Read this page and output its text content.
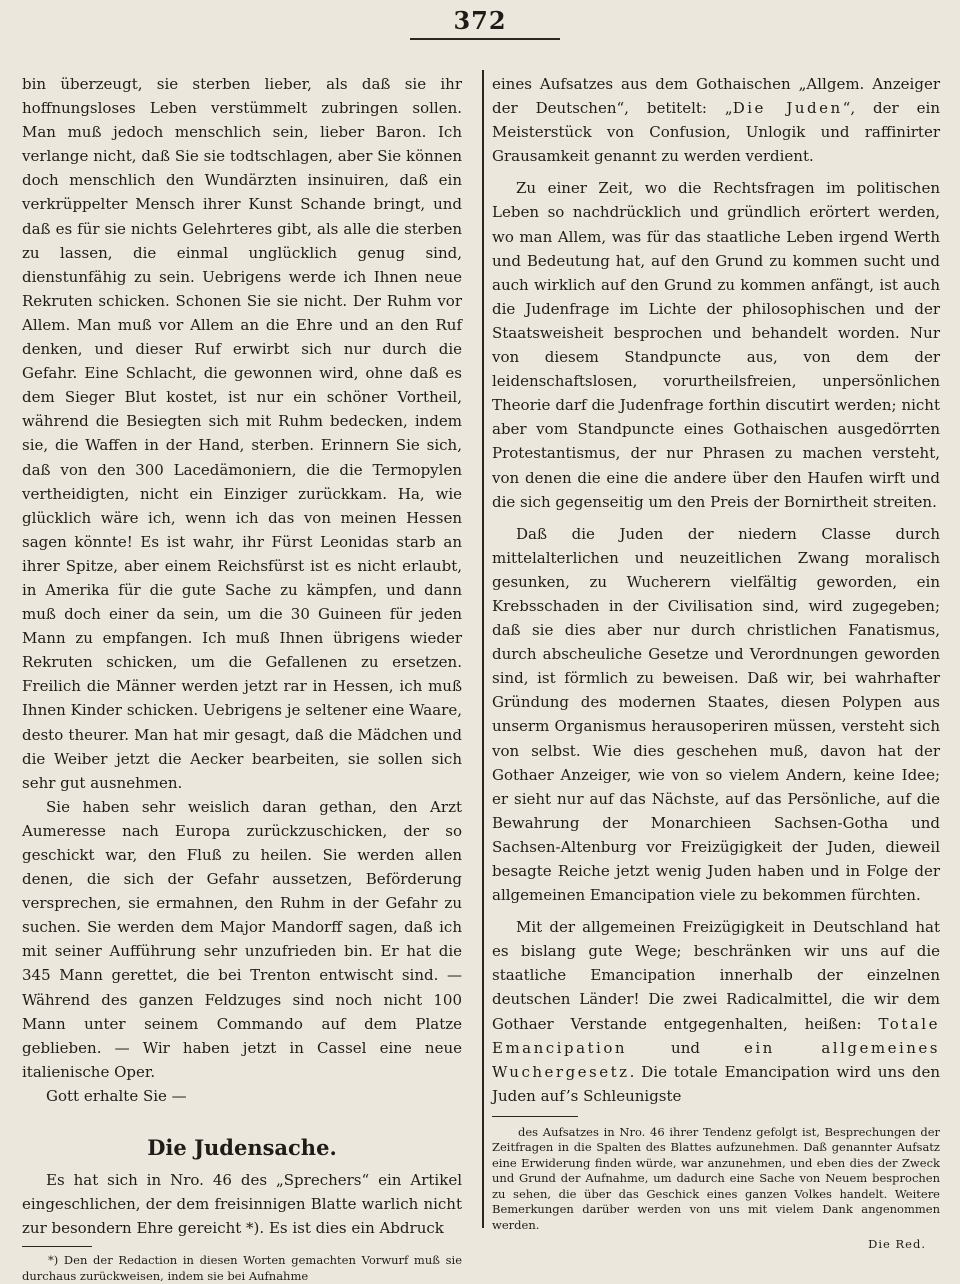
372

bin überzeugt, sie sterben lieber, als daß sie ihr hoffnungsloses Leben verstümmelt zubringen sollen. Man muß jedoch menschlich sein, lieber Baron. Ich verlange nicht, daß Sie sie todtschlagen, aber Sie können doch menschlich den Wundärzten insinuiren, daß ein verkrüppelter Mensch ihrer Kunst Schande bringt, und daß es für sie nichts Gelehrteres gibt, als alle die sterben zu lassen, die einmal unglücklich genug sind, dienstunfähig zu sein. Uebrigens werde ich Ihnen neue Rekruten schicken. Schonen Sie sie nicht. Der Ruhm vor Allem. Man muß vor Allem an die Ehre und an den Ruf denken, und dieser Ruf erwirbt sich nur durch die Gefahr. Eine Schlacht, die gewonnen wird, ohne daß es dem Sieger Blut kostet, ist nur ein schöner Vortheil, während die Besiegten sich mit Ruhm bedecken, indem sie, die Waffen in der Hand, sterben. Erinnern Sie sich, daß von den 300 Lacedämoniern, die die Termopylen vertheidigten, nicht ein Einziger zurückkam. Ha, wie glücklich wäre ich, wenn ich das von meinen Hessen sagen könnte! Es ist wahr, ihr Fürst Leonidas starb an ihrer Spitze, aber einem Reichsfürst ist es nicht erlaubt, in Amerika für die gute Sache zu kämpfen, und dann muß doch einer da sein, um die 30 Guineen für jeden Mann zu empfangen. Ich muß Ihnen übrigens wieder Rekruten schicken, um die Gefallenen zu ersetzen. Freilich die Männer werden jetzt rar in Hessen, ich muß Ihnen Kinder schicken. Uebrigens je seltener eine Waare, desto theurer. Man hat mir gesagt, daß die Mädchen und die Weiber jetzt die Aecker bearbeiten, sie sollen sich sehr gut ausnehmen.

Sie haben sehr weislich daran gethan, den Arzt Aumeresse nach Europa zurückzuschicken, der so geschickt war, den Fluß zu heilen. Sie werden allen denen, die sich der Gefahr aussetzen, Beförderung versprechen, sie ermahnen, den Ruhm in der Gefahr zu suchen. Sie werden dem Major Mandorff sagen, daß ich mit seiner Aufführung sehr unzufrieden bin. Er hat die 345 Mann gerettet, die bei Trenton entwischt sind. — Während des ganzen Feldzuges sind noch nicht 100 Mann unter seinem Commando auf dem Platze geblieben. — Wir haben jetzt in Cassel eine neue italienische Oper.

Gott erhalte Sie —

Die Judensache.

Es hat sich in Nro. 46 des „Sprechers“ ein Artikel eingeschlichen, der dem freisinnigen Blatte warlich nicht zur besondern Ehre gereicht *). Es ist dies ein Abdruck

*) Den der Redaction in diesen Worten gemachten Vorwurf muß sie durchaus zurückweisen, indem sie bei Aufnahme

eines Aufsatzes aus dem Gothaischen „Allgem. Anzeiger der Deutschen“, betitelt: „Die Juden“, der ein Meisterstück von Confusion, Unlogik und raffinirter Grausamkeit genannt zu werden verdient.

Zu einer Zeit, wo die Rechtsfragen im politischen Leben so nachdrücklich und gründlich erörtert werden, wo man Allem, was für das staatliche Leben irgend Werth und Bedeutung hat, auf den Grund zu kommen sucht und auch wirklich auf den Grund zu kommen anfängt, ist auch die Judenfrage im Lichte der philosophischen und der Staatsweisheit besprochen und behandelt worden. Nur von diesem Standpuncte aus, von dem der leidenschaftslosen, vorurtheilsfreien, unpersönlichen Theorie darf die Judenfrage forthin discutirt werden; nicht aber vom Standpuncte eines Gothaischen ausgedörrten Protestantismus, der nur Phrasen zu machen versteht, von denen die eine die andere über den Haufen wirft und die sich gegenseitig um den Preis der Bornirtheit streiten.

Daß die Juden der niedern Classe durch mittelalterlichen und neuzeitlichen Zwang moralisch gesunken, zu Wucherern vielfältig geworden, ein Krebsschaden in der Civilisation sind, wird zugegeben; daß sie dies aber nur durch christlichen Fanatismus, durch abscheuliche Gesetze und Verordnungen geworden sind, ist förmlich zu beweisen. Daß wir, bei wahrhafter Gründung des modernen Staates, diesen Polypen aus unserm Organismus herausoperiren müssen, versteht sich von selbst. Wie dies geschehen muß, davon hat der Gothaer Anzeiger, wie von so vielem Andern, keine Idee; er sieht nur auf das Nächste, auf das Persönliche, auf die Bewahrung der Monarchieen Sachsen-Gotha und Sachsen-Altenburg vor Freizügigkeit der Juden, dieweil besagte Reiche jetzt wenig Juden haben und in Folge der allgemeinen Emancipation viele zu bekommen fürchten.

Mit der allgemeinen Freizügigkeit in Deutschland hat es bislang gute Wege; beschränken wir uns auf die staatliche Emancipation innerhalb der einzelnen deutschen Länder! Die zwei Radicalmittel, die wir dem Gothaer Verstande entgegenhalten, heißen: Totale Emancipation und ein allgemeines Wuchergesetz. Die totale Emancipation wird uns den Juden auf’s Schleunigste

des Aufsatzes in Nro. 46 ihrer Tendenz gefolgt ist, Besprechungen der Zeitfragen in die Spalten des Blattes aufzunehmen. Daß genannter Aufsatz eine Erwiderung finden würde, war anzunehmen, und eben dies der Zweck und Grund der Aufnahme, um dadurch eine Sache von Neuem besprochen zu sehen, die über das Geschick eines ganzen Volkes handelt. Weitere Bemerkungen darüber werden von uns mit vielem Dank angenommen werden.

Die Red.
